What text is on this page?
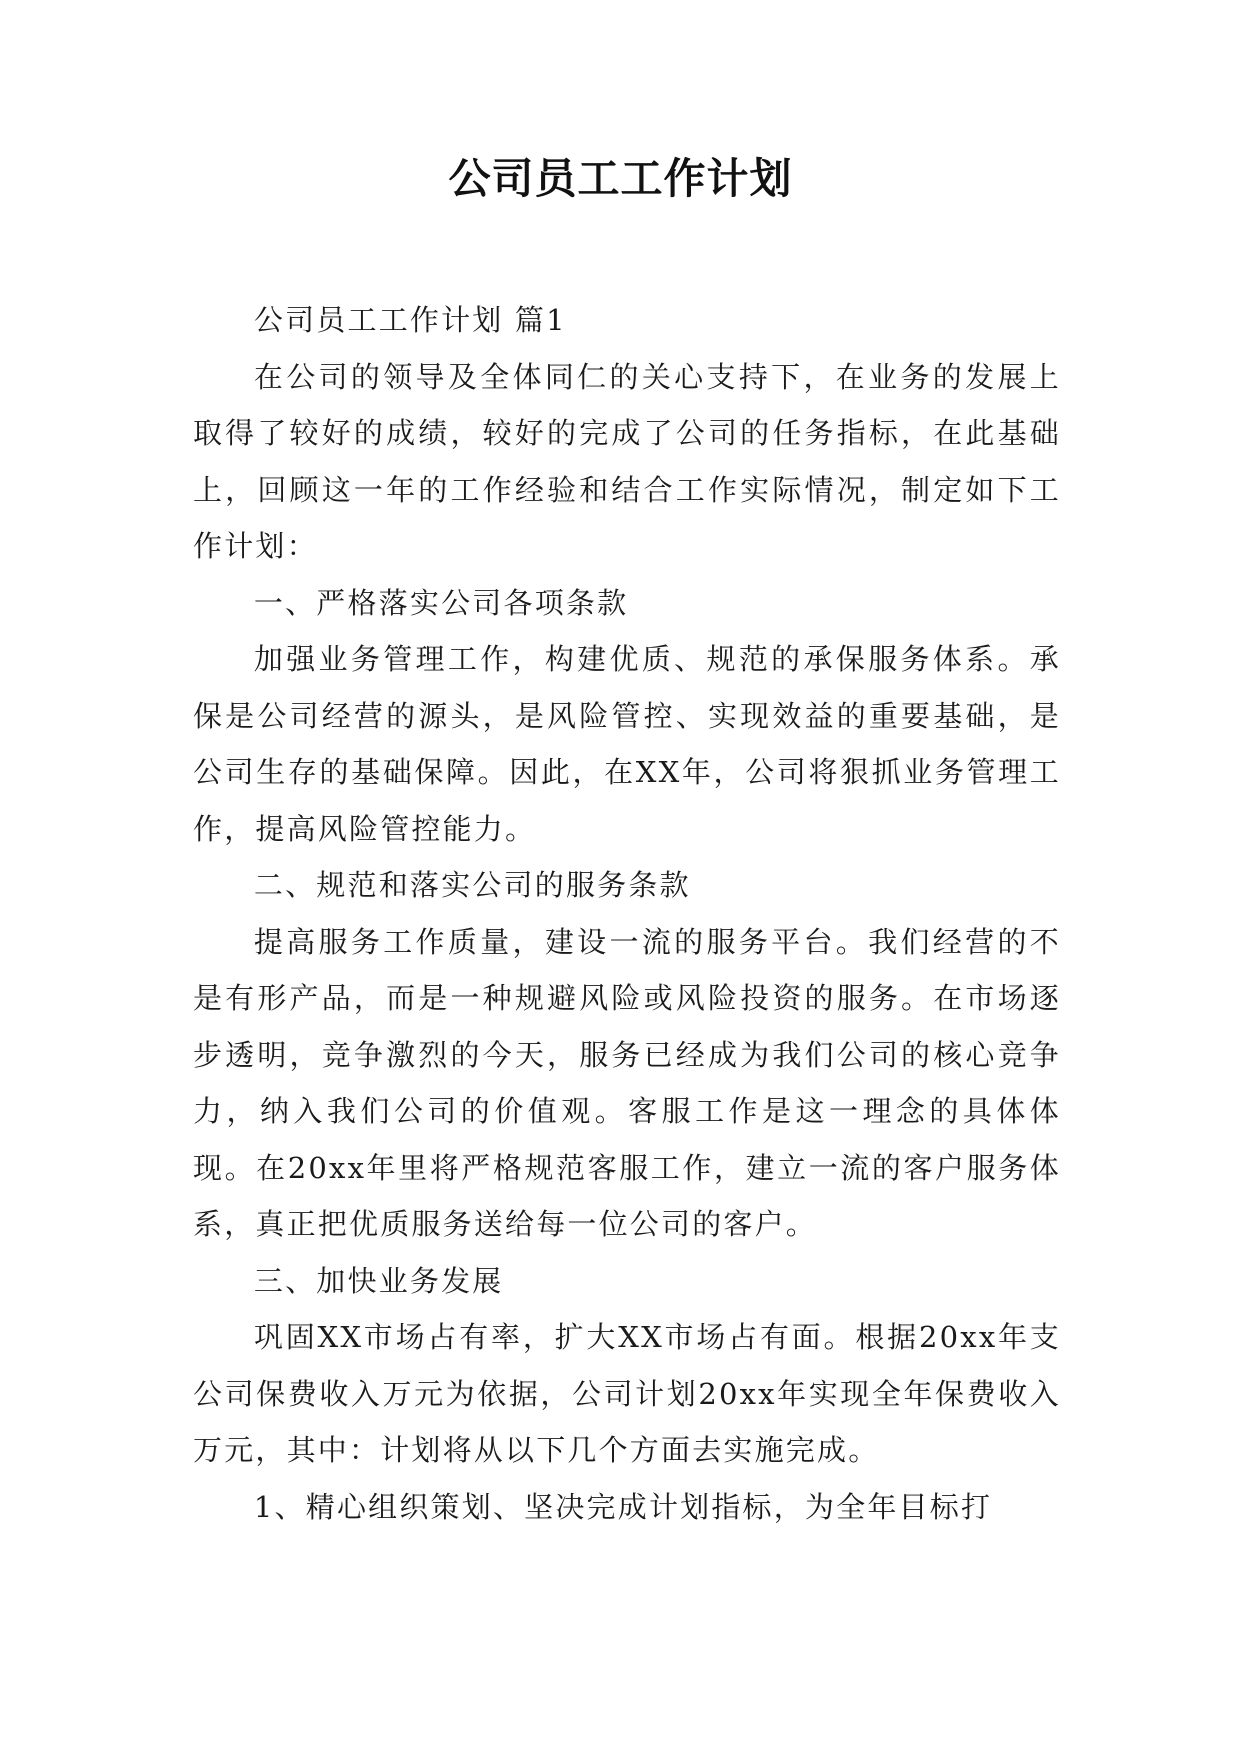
公司员工工作计划

公司员工工作计划 篇1

在公司的领导及全体同仁的关心支持下，在业务的发展上取得了较好的成绩，较好的完成了公司的任务指标，在此基础上，回顾这一年的工作经验和结合工作实际情况，制定如下工作计划：

一、严格落实公司各项条款

加强业务管理工作，构建优质、规范的承保服务体系。承保是公司经营的源头，是风险管控、实现效益的重要基础，是公司生存的基础保障。因此，在XX年，公司将狠抓业务管理工作，提高风险管控能力。

二、规范和落实公司的服务条款

提高服务工作质量，建设一流的服务平台。我们经营的不是有形产品，而是一种规避风险或风险投资的服务。在市场逐步透明，竞争激烈的今天，服务已经成为我们公司的核心竞争力，纳入我们公司的价值观。客服工作是这一理念的具体体现。在20xx年里将严格规范客服工作，建立一流的客户服务体系，真正把优质服务送给每一位公司的客户。

三、加快业务发展

巩固XX市场占有率，扩大XX市场占有面。根据20xx年支公司保费收入万元为依据，公司计划20xx年实现全年保费收入万元，其中：计划将从以下几个方面去实施完成。

1、精心组织策划、坚决完成计划指标，为全年目标打
